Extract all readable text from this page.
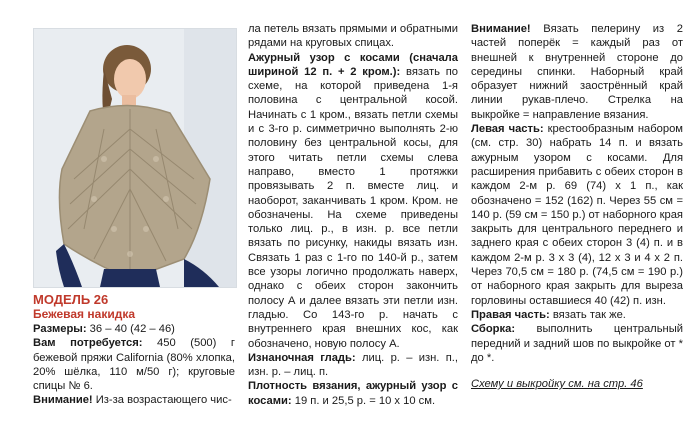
МОДЕЛЬ 26

Бежевая накидка

Размеры: 36 – 40 (42 – 46)

Вам потребуется: 450 (500) г бежевой пряжи California (80% хлопка, 20% шёлка, 110 м/50 г); круговые спицы № 6.

Внимание! Из-за возрастающего чис-

ла петель вязать прямыми и обратными рядами на круговых спицах.

Ажурный узор с косами (сначала шириной 12 п. + 2 кром.): вязать по схеме, на которой приведена 1-я половина с центральной косой. Начинать с 1 кром., вязать петли схемы и с 3-го р. симметрично выполнять 2-ю половину без центральной косы, для этого читать петли схемы слева направо, вместо 1 протяжки провязывать 2 п. вместе лиц. и наоборот, заканчивать 1 кром. Кром. не обозначены. На схеме приведены только лиц. р., в изн. р. все петли вязать по рисунку, накиды вязать изн. Связать 1 раз с 1-го по 140-й р., затем все узоры логично продолжать наверх, однако с обеих сторон закончить полосу А и далее вязать эти петли изн. гладью. Со 143-го р. начать с внутреннего края внешних кос, как обозначено, новую полосу А.

Изнаночная гладь: лиц. р. – изн. п., изн. р. – лиц. п.

Плотность вязания, ажурный узор с косами: 19 п. и 25,5 р. = 10 х 10 см.

Внимание! Вязать пелерину из 2 частей поперёк = каждый раз от внешней к внутренней стороне до середины спинки. Наборный край образует нижний заострённый край линии рукав-плечо. Стрелка на выкройке = направление вязания.

Левая часть: крестообразным набором (см. стр. 30) набрать 14 п. и вязать ажурным узором с косами. Для расширения прибавить с обеих сторон в каждом 2-м р. 69 (74) х 1 п., как обозначено = 152 (162) п. Через 55 см = 140 р. (59 см = 150 р.) от наборного края закрыть для центрального переднего и заднего края с обеих сторон 3 (4) п. и в каждом 2-м р. 3 х 3 (4), 12 х 3 и 4 х 2 п. Через 70,5 см = 180 р. (74,5 см = 190 р.) от наборного края закрыть для выреза горловины оставшиеся 40 (42) п. изн.

Правая часть: вязать так же.

Сборка: выполнить центральный передний и задний шов по выкройке от * до *.

Схему и выкройку см. на стр. 46
